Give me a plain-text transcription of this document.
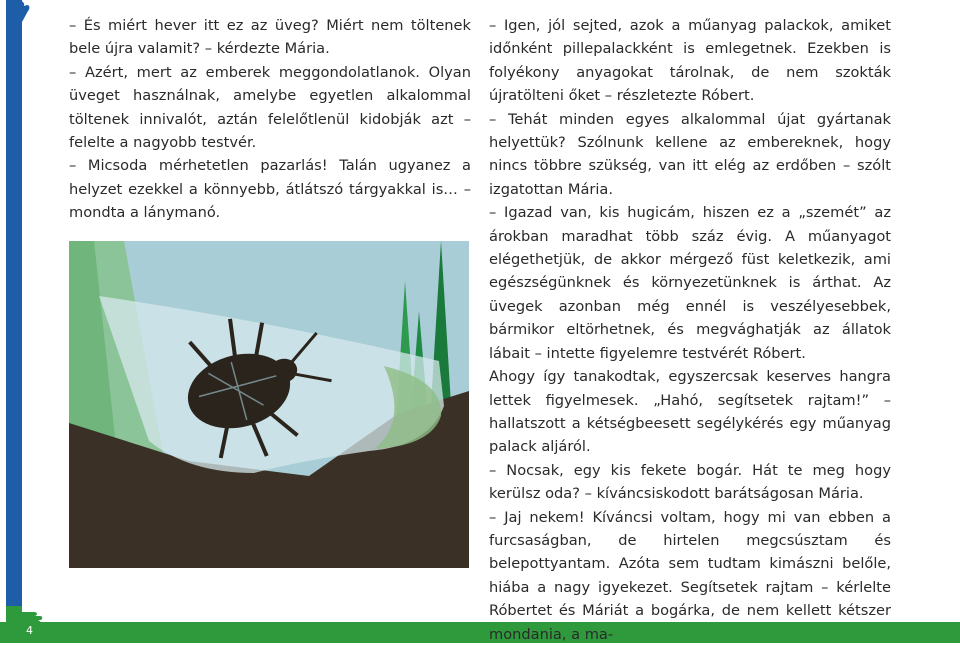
4

– És miért hever itt ez az üveg? Miért nem töltenek bele újra valamit? – kérdezte Mária.

– Azért, mert az emberek meggondolatlanok. Olyan üveget használnak, amelybe egyetlen alkalommal töltenek innivalót, aztán felelőtlenül kidobják azt – felelte a nagyobb testvér.

– Micsoda mérhetetlen pazarlás! Talán ugyanez a helyzet ezekkel a könnyebb, átlátszó tárgyakkal is… – mondta a lánymanó.

– Igen, jól sejted, azok a műanyag palackok, amiket időnként pillepalackként is emlegetnek. Ezekben is folyékony anyagokat tárolnak, de nem szokták újratölteni őket – részletezte Róbert.

– Tehát minden egyes alkalommal újat gyártanak helyettük? Szólnunk kellene az embereknek, hogy nincs többre szükség, van itt elég az erdőben – szólt izgatottan Mária.

– Igazad van, kis hugicám, hiszen ez a „szemét” az árokban maradhat több száz évig. A műanyagot elégethetjük, de akkor mérgező füst keletkezik, ami egészségünknek és környezetünknek is árthat. Az üvegek azonban még ennél is veszélyesebbek, bármikor eltörhetnek, és megvághatják az állatok lábait – intette figyelemre testvérét Róbert.

Ahogy így tanakodtak, egyszercsak keserves hangra lettek figyelmesek. „Hahó, segítsetek rajtam!” – hallatszott a kétségbeesett segélykérés egy műanyag palack aljáról.

– Nocsak, egy kis fekete bogár. Hát te meg hogy kerülsz oda? – kíváncsiskodott barátságosan Mária.

– Jaj nekem! Kíváncsi voltam, hogy mi van ebben a furcsaságban, de hirtelen megcsúsztam és belepottyantam. Azóta sem tudtam kimászni belőle, hiába a nagy igyekezet. Segítsetek rajtam – kérlelte Róbertet és Máriát a bogárka, de nem kellett kétszer mondania, a ma-
